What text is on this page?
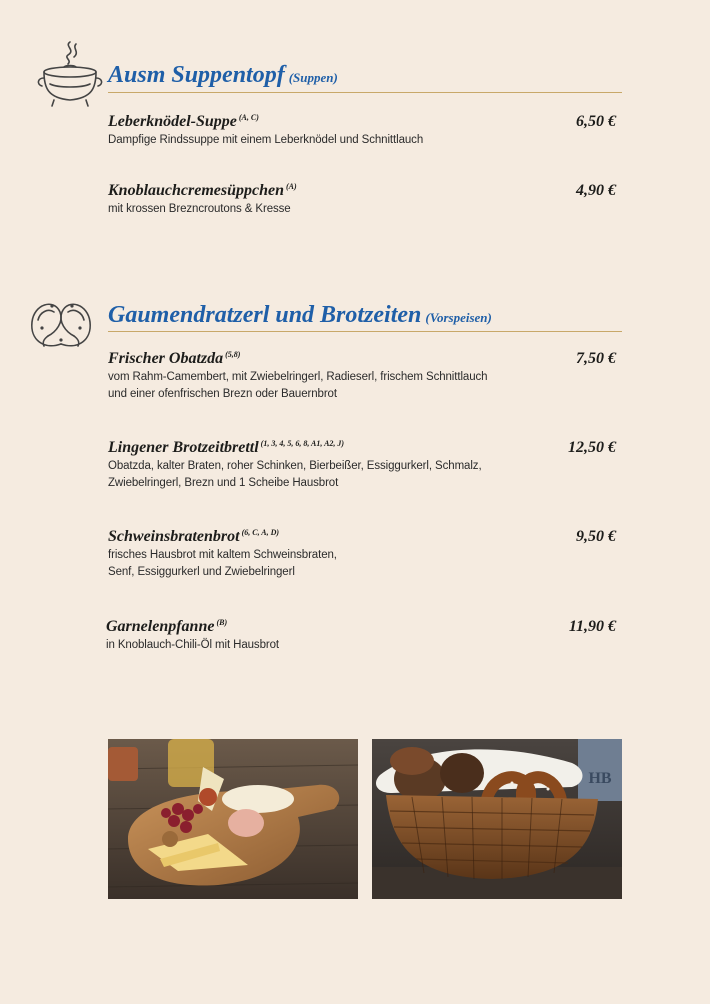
Ausm Suppentopf (Suppen)
Leberknödel-Suppe $^{(A, C)}$	6,50 €
Dampfige Rindssuppe mit einem Leberknödel und Schnittlauch
Knoblauchcremesüppchen $^{(A)}$	4,90 €
mit krossen Brezncroutons & Kresse
Gaumendratzerl und Brotzeiten (Vorspeisen)
Frischer Obatzda $^{(5,8)}$	7,50 €
vom Rahm-Camembert, mit Zwiebelringerl, Radieserl, frischem Schnittlauch
und einer ofenfrischen Brezn oder Bauernbrot
Lingener Brotzeitbrettl $^{(1, 3, 4, 5, 6, 8, A1, A2, J)}$	12,50 €
Obatzda, kalter Braten, roher Schinken, Bierbeißer, Essiggurkerl, Schmalz,
Zwiebelringerl, Brezn und 1 Scheibe Hausbrot
Schweinsbratenbrot $^{(6, C, A, D)}$	9,50 €
frisches Hausbrot mit kaltem Schweinsbraten,
Senf, Essiggurkerl und Zwiebelringerl
Garnelenpfanne $^{(B)}$	11,90 €
in Knoblauch-Chili-Öl mit Hausbrot
HB
